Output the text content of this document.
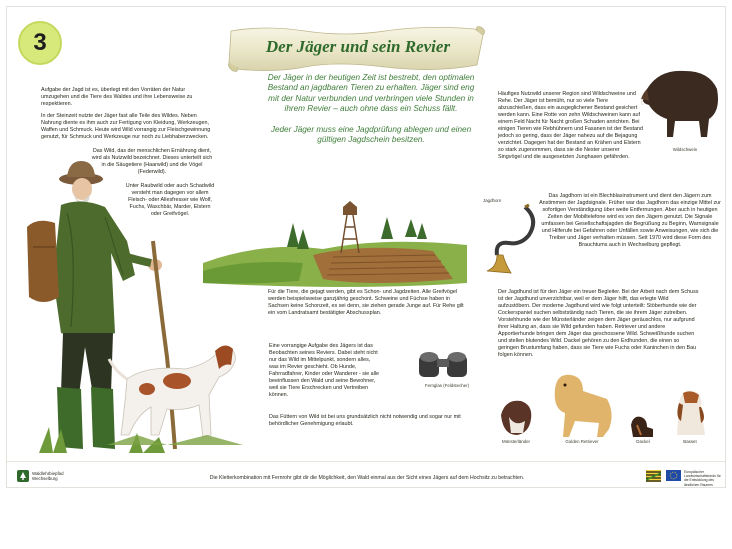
3	Der Jäger und sein Revier

Der Jäger in der heutigen Zeit ist bestrebt, den optimalen Bestand an jagdbaren Tieren zu erhalten. Jäger sind eng mit der Natur verbunden und verbringen viele Stunden in ihrem Revier – auch ohne dass ein Schuss fällt.

Jeder Jäger muss eine Jagdprüfung ablegen und einen gültigen Jagdschein besitzen.

Aufgabe der Jagd ist es, überlegt mit den Vorräten der Natur umzugehen und die Tiere des Waldes und ihre Lebensweise zu respektieren.

In der Steinzeit nutzte der Jäger fast alle Teile des Wildes. Neben Nahrung diente es ihm auch zur Fertigung von Kleidung, Werkzeugen, Waffen und Schmuck. Heute wird Wild vorrangig zur Fleischgewinnung genutzt, für Schmuck und Werkzeuge nur noch zu Liebhaberzwecken.

Das Wild, das der menschlichen Ernährung dient, wird als Nutzwild bezeichnet. Dieses unterteilt sich in die Säugetiere (Haarwild) und die Vögel (Federwild).
Unter Raubwild oder auch Schadwild versteht man dagegen vor allem Fleisch- oder Allesfresser wie Wolf, Fuchs, Waschbär, Marder, Elstern oder Greifvögel.
Für die Tiere, die gejagt werden, gibt es Schon- und Jagdzeiten. Alle Greifvögel werden beispielsweise ganzjährig geschont. Schweine und Füchse haben in Sachsen keine Schonzeit, es sei denn, sie ziehen gerade Junge auf. Für Rehe gilt ein vom Landratsamt bestätigter Abschussplan.
Eine vorrangige Aufgabe des Jägers ist das Beobachten seines Reviers. Dabei steht nicht nur das Wild im Mittelpunkt, sondern alles, was im Revier geschieht. Ob Hunde, Fahrradfahrer, Kinder oder Wanderer - sie alle beeinflussen den Wald und seine Bewohner, weil sie Tiere Erschrecken und Vertreiben können.
Fernglas (Feldstecher)
Das Füttern von Wild ist bei uns grundsätzlich nicht notwendig und sogar nur mit behördlicher Genehmigung erlaubt.
Häufiges Nutzwild unserer Region sind Wildschweine und Rehe. Der Jäger ist bemüht, nur so viele Tiere abzuschießen, dass ein ausgeglichener Bestand gesichert werden kann. Eine Rotte von zehn Wildschweinen kann auf einem Feld Nacht für Nacht großen Schaden anrichten. Bei einigen Tieren wie Rebhühnern und Fasanen ist der Bestand jedoch so gering, dass der Jäger nahezu auf die Bejagung verzichtet. Dagegen hat der Bestand an Krähen und Elstern so stark zugenommen, dass sie die Nester unserer Singvögel und die ausgesetzten Junghasen gefährden.
Wildschwein
Jagdhorn
Das Jagdhorn ist ein Blechblasinstrument und dient den Jägern zum Anstimmen der Jagdsignale. Früher war das Jagdhorn das einzige Mittel zur sofortigen Verständigung über weite Entfernungen. Aber auch in heutigen Zeiten der Mobiltelefone wird es von den Jägern genutzt. Die Signale umfassen bei Gesellschaftsjagden die Begrüßung zu Beginn, Warnsignale und Hilferufe bei Gefahren oder Unfällen sowie Anweisungen, wie sich die Treiber und Jäger verhalten müssen. Seit 1970 wird diese Form des Brauchtums auch in Wechselburg gepflegt.
Der Jagdhund ist für den Jäger ein treuer Begleiter. Bei der Arbeit nach dem Schuss ist der Jagdhund unverzichtbar, weil er dem Jäger hilft, das erlegte Wild aufzustöbern. Der moderne Jagdhund wird wie folgt unterteilt: Stöberhunde wie der Cockerspaniel suchen selbstständig nach Tieren, die sie ihrem Jäger zutreiben. Vorstehhunde wie der Münsterländer zeigen dem Jäger geräuschlos, nur aufgrund ihrer Haltung an, dass sie Wild gefunden haben. Retriever und andere Apportierhunde bringen dem Jäger das geschossene Wild. Schweißhunde suchen und stellen blutendes Wild. Dackel gehören zu den Erdhunden, die einen so geringen Brustumfang haben, dass sie Tiere wie Fuchs oder Kaninchen in den Bau folgen können.
Münsterländer	Golden Retriever	Dackel	Basset
Waldlehrbiepfad
Wechselburg	Die Kletterkombination mit Fernrohr gibt dir die Möglichkeit, den Wald einmal aus der Sicht eines Jägers auf dem Hochsitz zu betrachten.
Europäischer
Landwirtschaftsfonds für
die Entwicklung des
ländlichen Raumes
